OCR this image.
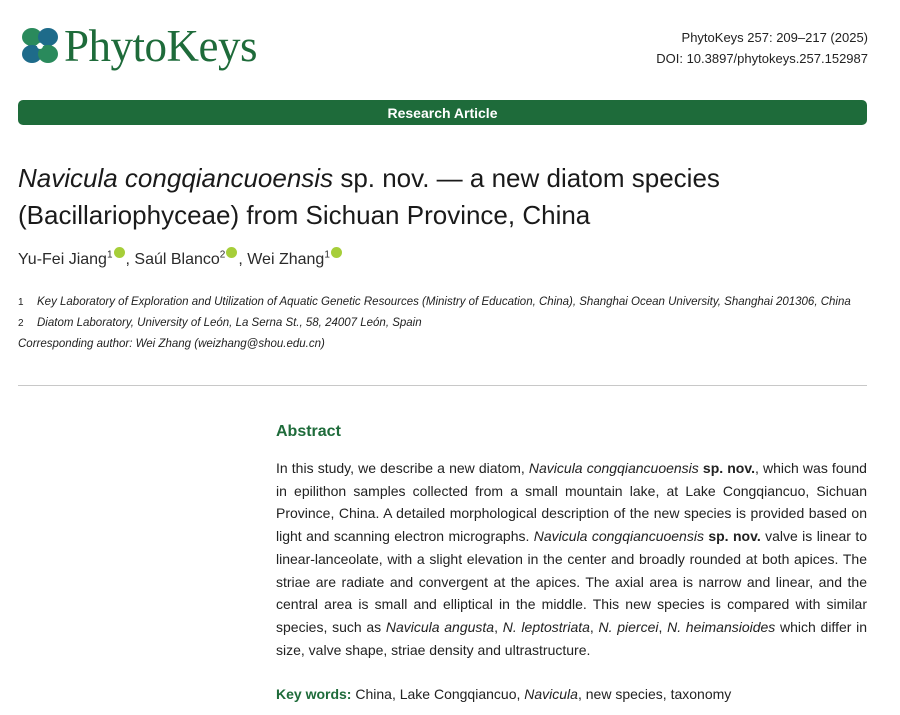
PhytoKeys	PhytoKeys 257: 209–217 (2025)
DOI: 10.3897/phytokeys.257.152987
Research Article
Navicula congqiancuoensis sp. nov. — a new diatom species
(Bacillariophyceae) from Sichuan Province, China
Yu-Fei Jiang$^1$ , Saúl Blanco$^2$ , Wei Zhang$^1$
1 Key Laboratory of Exploration and Utilization of Aquatic Genetic Resources (Ministry of Education, China), Shanghai Ocean University, Shanghai 201306, China
2 Diatom Laboratory, University of León, La Serna St., 58, 24007 León, Spain
Corresponding author: Wei Zhang (weizhang@shou.edu.cn)
Abstract
In this study, we describe a new diatom, Navicula congqiancuoensis sp. nov., which was found in epilithon samples collected from a small mountain lake, at Lake Congqiancuo, Sichuan Province, China. A detailed morphological description of the new species is provided based on light and scanning electron micrographs. Navicula congqiancuoensis sp. nov. valve is linear to linear-lanceolate, with a slight elevation in the center and broadly rounded at both apices. The striae are radiate and convergent at the apices. The axial area is narrow and linear, and the central area is small and elliptical in the middle. This new species is compared with similar species, such as Navicula angusta, N. leptostriata, N. piercei, N. heimansioides which differ in size, valve shape, striae density and ultrastructure.
Key words: China, Lake Congqiancuo, Navicula, new species, taxonomy
